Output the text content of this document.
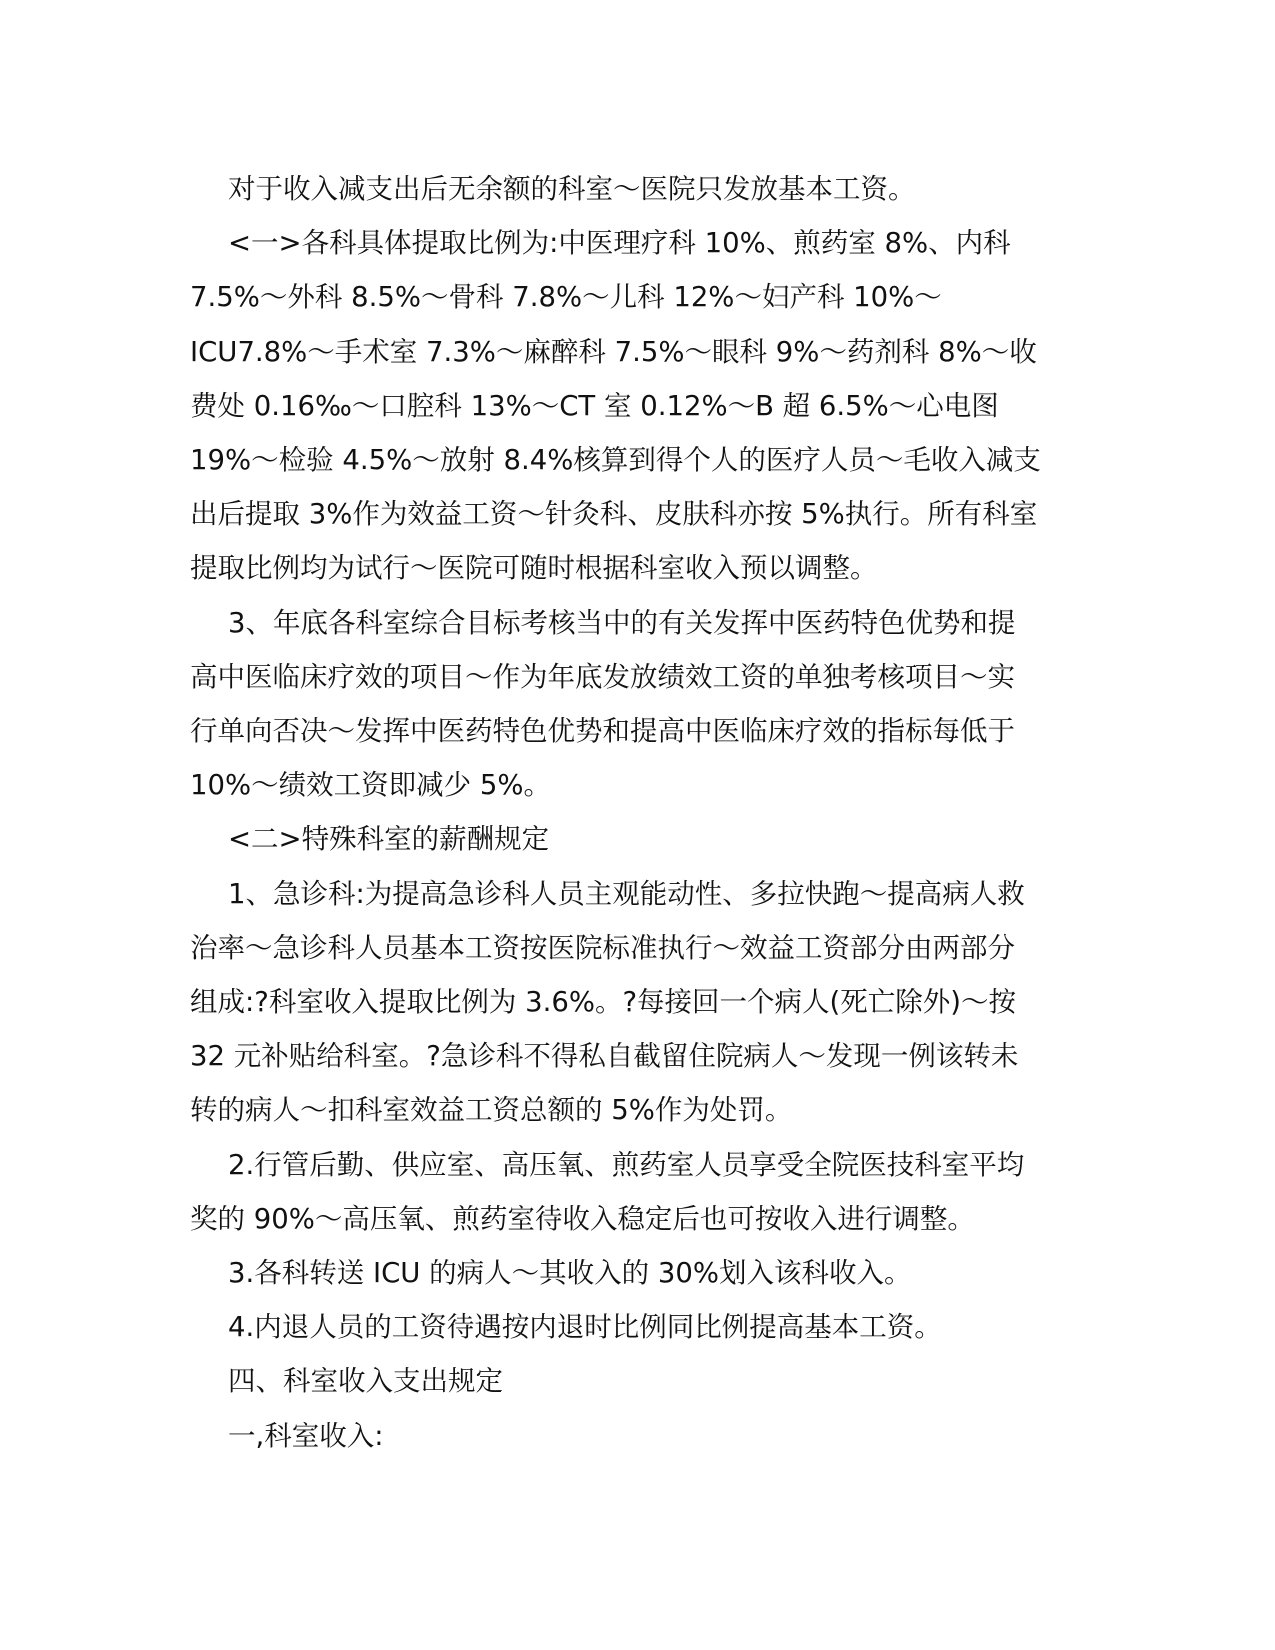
对于收入减支出后无余额的科室～医院只发放基本工资。
<一>各科具体提取比例为:中医理疗科 10%、煎药室 8%、内科
7.5%～外科 8.5%～骨科 7.8%～儿科 12%～妇产科 10%～
ICU7.8%～手术室 7.3%～麻醉科 7.5%～眼科 9%～药剂科 8%～收
费处 0.16‰～口腔科 13%～CT 室 0.12%～B 超 6.5%～心电图
19%～检验 4.5%～放射 8.4%核算到得个人的医疗人员～毛收入减支
出后提取 3%作为效益工资～针灸科、皮肤科亦按 5%执行。所有科室
提取比例均为试行～医院可随时根据科室收入预以调整。
3、年底各科室综合目标考核当中的有关发挥中医药特色优势和提
高中医临床疗效的项目～作为年底发放绩效工资的单独考核项目～实
行单向否决～发挥中医药特色优势和提高中医临床疗效的指标每低于
10%～绩效工资即减少 5%。
<二>特殊科室的薪酬规定
1、急诊科:为提高急诊科人员主观能动性、多拉快跑～提高病人救
治率～急诊科人员基本工资按医院标准执行～效益工资部分由两部分
组成:?科室收入提取比例为 3.6%。?每接回一个病人(死亡除外)～按
32 元补贴给科室。?急诊科不得私自截留住院病人～发现一例该转未
转的病人～扣科室效益工资总额的 5%作为处罚。
2.行管后勤、供应室、高压氧、煎药室人员享受全院医技科室平均
奖的 90%～高压氧、煎药室待收入稳定后也可按收入进行调整。
3.各科转送 ICU 的病人～其收入的 30%划入该科收入。
4.内退人员的工资待遇按内退时比例同比例提高基本工资。
四、科室收入支出规定
一,科室收入:
